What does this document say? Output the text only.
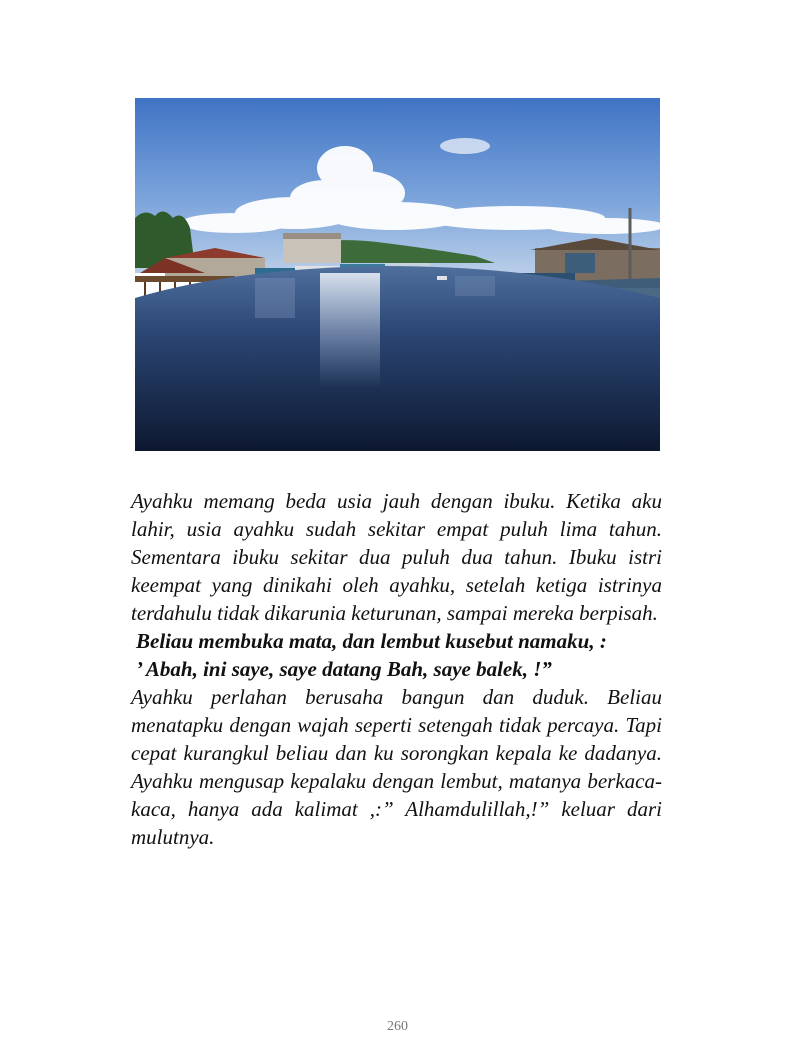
Ayahku memang beda usia jauh dengan ibuku. Ketika aku lahir, usia ayahku sudah sekitar empat puluh lima tahun. Sementara ibuku sekitar dua puluh dua tahun. Ibuku istri keempat yang dinikahi oleh ayahku, setelah ketiga istrinya terdahulu tidak dikarunia keturunan, sampai mereka berpisah.

Beliau membuka mata, dan lembut kusebut namaku, :

’ Abah, ini saye, saye datang Bah, saye balek, !”

Ayahku perlahan berusaha bangun dan duduk. Beliau menatapku dengan wajah seperti setengah tidak percaya. Tapi cepat kurangkul beliau dan ku sorongkan kepala ke dadanya. Ayahku mengusap kepalaku dengan lembut, matanya berkaca-kaca, hanya ada kalimat ,:” Alhamdulillah,!” keluar dari mulutnya.

260
